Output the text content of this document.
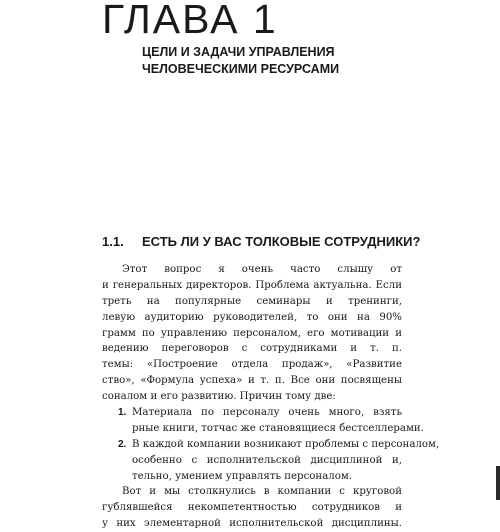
ГЛАВА 1
ЦЕЛИ И ЗАДАЧИ УПРАВЛЕНИЯ
ЧЕЛОВЕЧЕСКИМИ РЕСУРСАМИ
1.1. ЕСТЬ ЛИ У ВАС ТОЛКОВЫЕ СОТРУДНИКИ?
Этот вопрос я очень часто слышу от
и генеральных директоров. Проблема актуальна. Если
треть на популярные семинары и тренинги,
левую аудиторию руководителей, то они на 90%
грамм по управлению персоналом, его мотивации и
ведению переговоров с сотрудниками и т. п.
темы: «Построение отдела продаж», «Развитие
ство», «Формула успеха» и т. п. Все они посвящены
соналом и его развитию. Причин тому две:
1. Материала по персоналу очень много, взять
рные книги, тотчас же становящиеся бестселлерами.
2. В каждой компании возникают проблемы с персоналом,
особенно с исполнительской дисциплиной и,
тельно, умением управлять персоналом.
Вот и мы столкнулись в компании с круговой
гублявшейся некомпетентностью сотрудников и
у них элементарной исполнительской дисциплины.
